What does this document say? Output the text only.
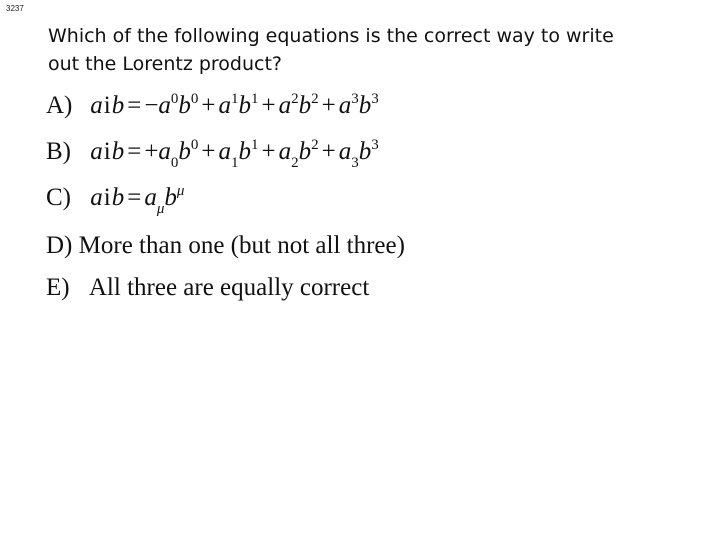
3237
Which of the following equations is the correct way to write out the Lorentz product?
A) aib = $-a^0b^0 + a^1b^1 + a^2b^2 + a^3b^3$
B) aib = $+a_0b^0 + a_1b^1 + a_2b^2 + a_3b^3$
C) aib = $a_\mu b^\mu$
D) More than one (but not all three)
E) All three are equally correct
